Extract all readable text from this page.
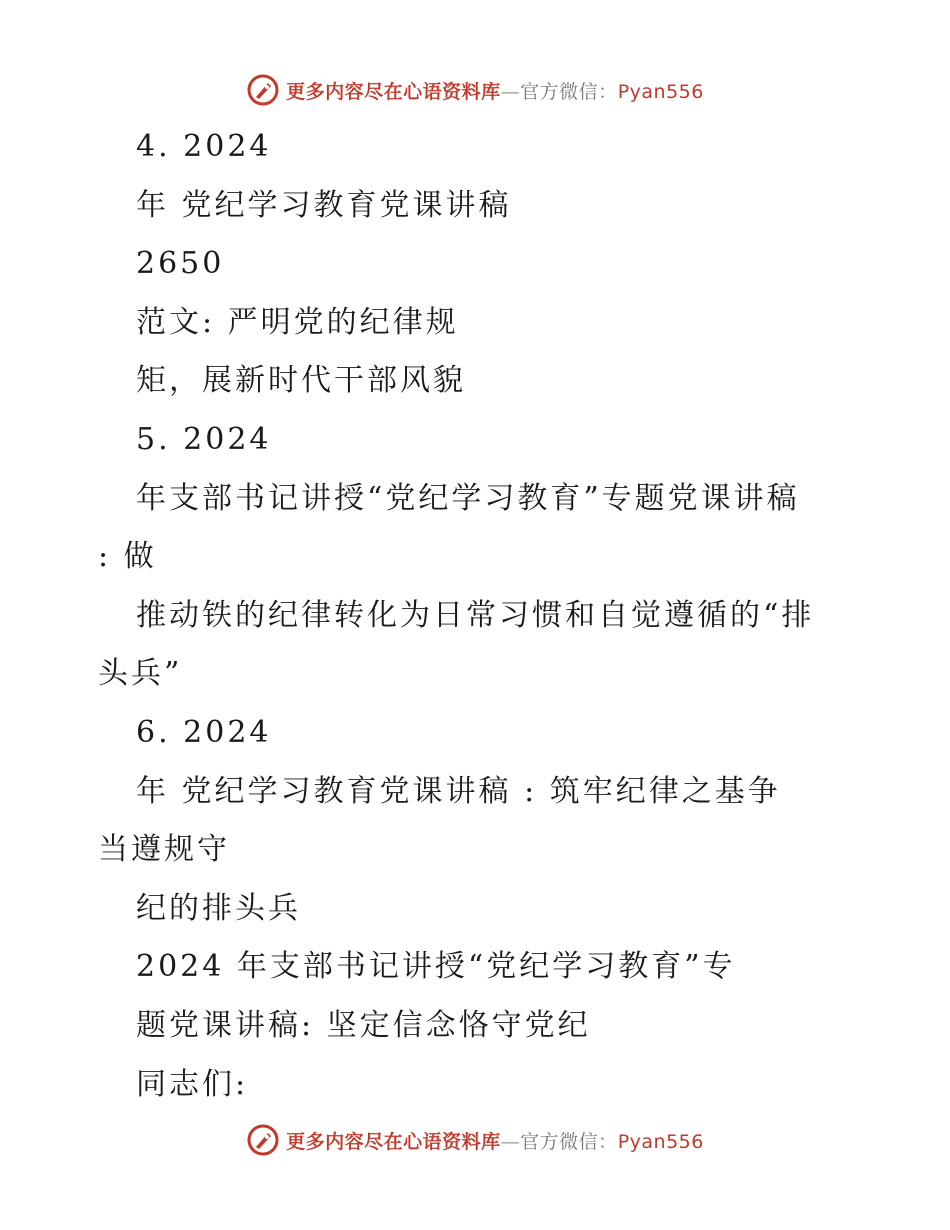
更多内容尽在心语资料库—官方微信：Pyan556
4. 2024
年 党纪学习教育党课讲稿
2650
范文: 严明党的纪律规
矩，展新时代干部风貌
5. 2024
年支部书记讲授“党纪学习教育”专题党课讲稿
: 做
推动铁的纪律转化为日常习惯和自觉遵循的“排
头兵”
6. 2024
年 党纪学习教育党课讲稿 : 筑牢纪律之基争
当遵规守
纪的排头兵
2024 年支部书记讲授“党纪学习教育”专
题党课讲稿: 坚定信念恪守党纪
同志们:
更多内容尽在心语资料库—官方微信：Pyan556
